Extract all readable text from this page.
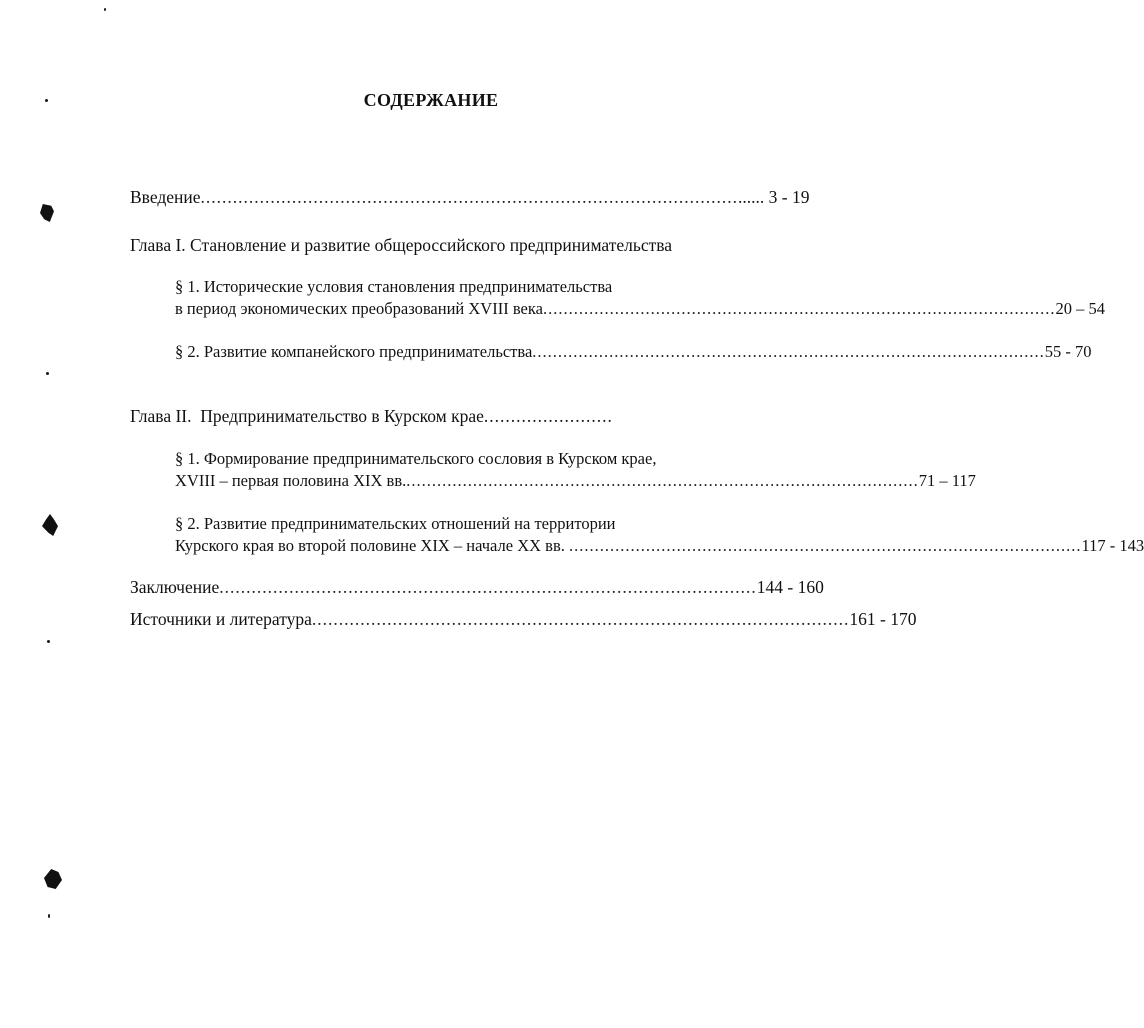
СОДЕРЖАНИЕ
Введение .................................................................................................... ...... 3 - 19
Глава I. Становление и развитие общероссийского предпринимательства
§ 1. Исторические условия становления предпринимательства
в период экономических преобразований XVIII века .................................................................................................... 20 – 54
§ 2. Развитие компанейского предпринимательства .................................................................................................... 55 - 70
Глава II.  Предпринимательство в Курском крае........................
§ 1. Формирование предпринимательского сословия в Курском крае,
XVIII – первая половина XIX вв. .................................................................................................... 71 – 117
§ 2. Развитие предпринимательских отношений на территории
Курского края во второй половине XIX – начале XX вв. .................................................................................................... 117 - 143
Заключение .................................................................................................... 144 - 160
Источники и литература .................................................................................................... 161 - 170
